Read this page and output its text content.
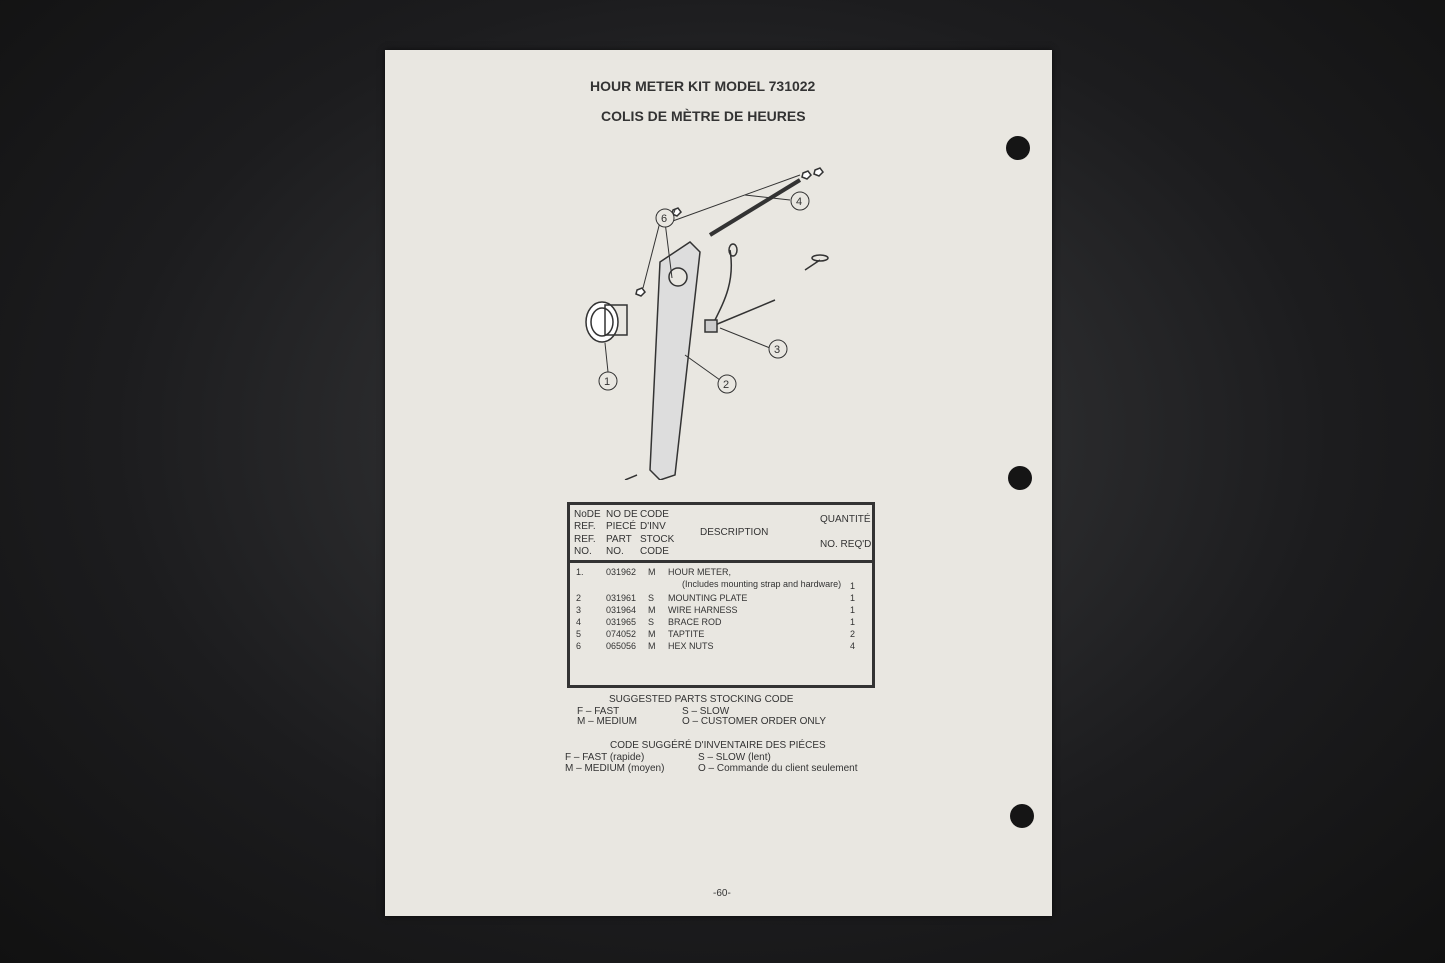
HOUR METER KIT MODEL 731022
COLIS DE MÈTRE DE HEURES
6
4
3
2
1
NoDE REF.
NO DE PIECÉ
CODE D'INV
REF. NO.
PART NO.
STOCK CODE
DESCRIPTION
QUANTITÉ
NO. REQ'D
1. 031962 M HOUR METER,
(Includes mounting strap and hardware) 1
2	031961 S MOUNTING PLATE	1
3	031964 M WIRE HARNESS	1
4	031965 S BRACE ROD	1
5	074052 M TAPTITE	2
6	065056 M HEX NUTS	4
SUGGESTED PARTS STOCKING CODE
F – FAST	S – SLOW
M – MEDIUM	O – CUSTOMER ORDER ONLY
CODE SUGGÉRÉ D'INVENTAIRE DES PIÉCES
F – FAST (rapide)	S – SLOW (lent)
M – MEDIUM (moyen)	O – Commande du client seulement
-60-
